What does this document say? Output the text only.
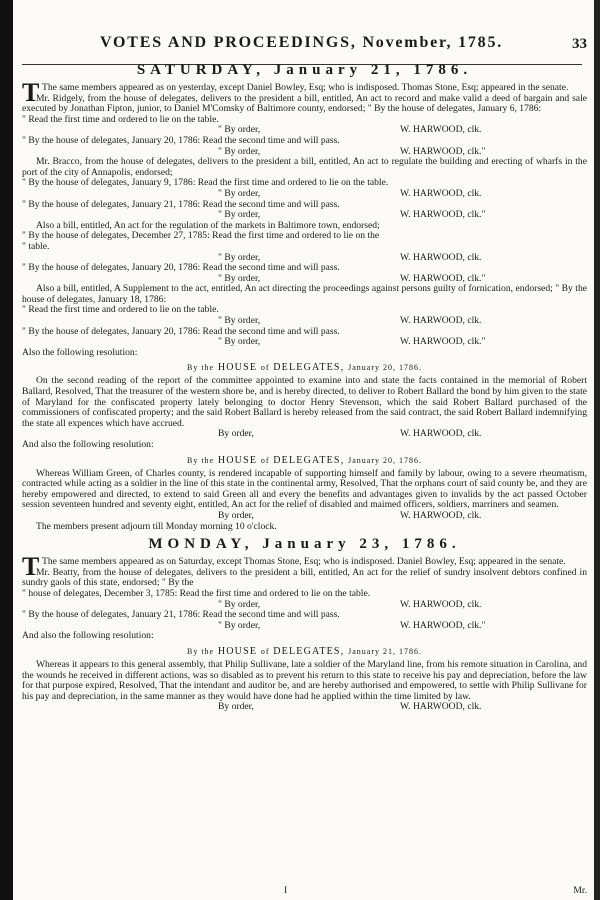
VOTES AND PROCEEDINGS, November, 1785.	33
SATURDAY, January 21, 1786.

T The same members appeared as on yesterday, except Daniel Bowley, Esq; who is indisposed. Thomas Stone, Esq; appeared in the senate.

Mr. Ridgely, from the house of delegates, delivers to the president a bill, entitled, An act to record and make valid a deed of bargain and sale executed by Jonathan Fipton, junior, to Daniel M'Comsky of Baltimore county, endorsed; " By the house of delegates, January 6, 1786:

" Read the first time and ordered to lie on the table.

" By order,	W. HARWOOD, clk.

" By the house of delegates, January 20, 1786: Read the second time and will pass.

" By order,	W. HARWOOD, clk."

Mr. Bracco, from the house of delegates, delivers to the president a bill, entitled, An act to regulate the building and erecting of wharfs in the port of the city of Annapolis, endorsed;

" By the house of delegates, January 9, 1786: Read the first time and ordered to lie on the table.

" By order,	W. HARWOOD, clk.

" By the house of delegates, January 21, 1786: Read the second time and will pass.

" By order,	W. HARWOOD, clk."

Also a bill, entitled, An act for the regulation of the markets in Baltimore town, endorsed;

" By the house of delegates, December 27, 1785: Read the first time and ordered to lie on the

" table.

" By order,	W. HARWOOD, clk.

" By the house of delegates, January 20, 1786: Read the second time and will pass.

" By order,	W. HARWOOD, clk."

Also a bill, entitled, A Supplement to the act, entitled, An act directing the proceedings against persons guilty of fornication, endorsed; " By the house of delegates, January 18, 1786:

" Read the first time and ordered to lie on the table.

" By order,	W. HARWOOD, clk.

" By the house of delegates, January 20, 1786: Read the second time and will pass.

" By order,	W. HARWOOD, clk."

Also the following resolution:

By the HOUSE of DELEGATES, January 20, 1786.

On the second reading of the report of the committee appointed to examine into and state the facts contained in the memorial of Robert Ballard, Resolved, That the treasurer of the western shore be, and is hereby directed, to deliver to Robert Ballard the bond by him given to the state of Maryland for the confiscated property lately belonging to doctor Henry Stevenson, which the said Robert Ballard purchased of the commissioners of confiscated property; and the said Robert Ballard is hereby released from the said contract, the said Robert Ballard indemnifying the state all expences which have accrued.

By order,	W. HARWOOD, clk.

And also the following resolution:

By the HOUSE of DELEGATES, January 20, 1786.

Whereas William Green, of Charles county, is rendered incapable of supporting himself and family by labour, owing to a severe rheumatism, contracted while acting as a soldier in the line of this state in the continental army, Resolved, That the orphans court of said county be, and they are hereby empowered and directed, to extend to said Green all and every the benefits and advantages given to invalids by the act passed October session seventeen hundred and seventy eight, entitled, An act for the relief of disabled and maimed officers, soldiers, marriners and seamen.

By order,	W. HARWOOD, clk.
The members present adjourn till Monday morning 10 o'clock.
MONDAY, January 23, 1786.

T The same members appeared as on Saturday, except Thomas Stone, Esq; who is indisposed. Daniel Bowley, Esq; appeared in the senate.

Mr. Beatty, from the house of delegates, delivers to the president a bill, entitled, An act for the relief of sundry insolvent debtors confined in sundry gaols of this state, endorsed; " By the

" house of delegates, December 3, 1785: Read the first time and ordered to lie on the table.

" By order,	W. HARWOOD, clk.

" By the house of delegates, January 21, 1786: Read the second time and will pass.

" By order,	W. HARWOOD, clk."

And also the following resolution:

By the HOUSE of DELEGATES, January 21, 1786.

Whereas it appears to this general assembly, that Philip Sullivane, late a soldier of the Maryland line, from his remote situation in Carolina, and the wounds he received in different actions, was so disabled as to prevent his return to this state to receive his pay and depreciation, before the law for that purpose expired, Resolved, That the intendant and auditor be, and are hereby authorised and empowered, to settle with Philip Sullivane for his pay and depreciation, in the same manner as they would have done had he applied within the time limited by law.

By order,	W. HARWOOD, clk.
I	Mr.
